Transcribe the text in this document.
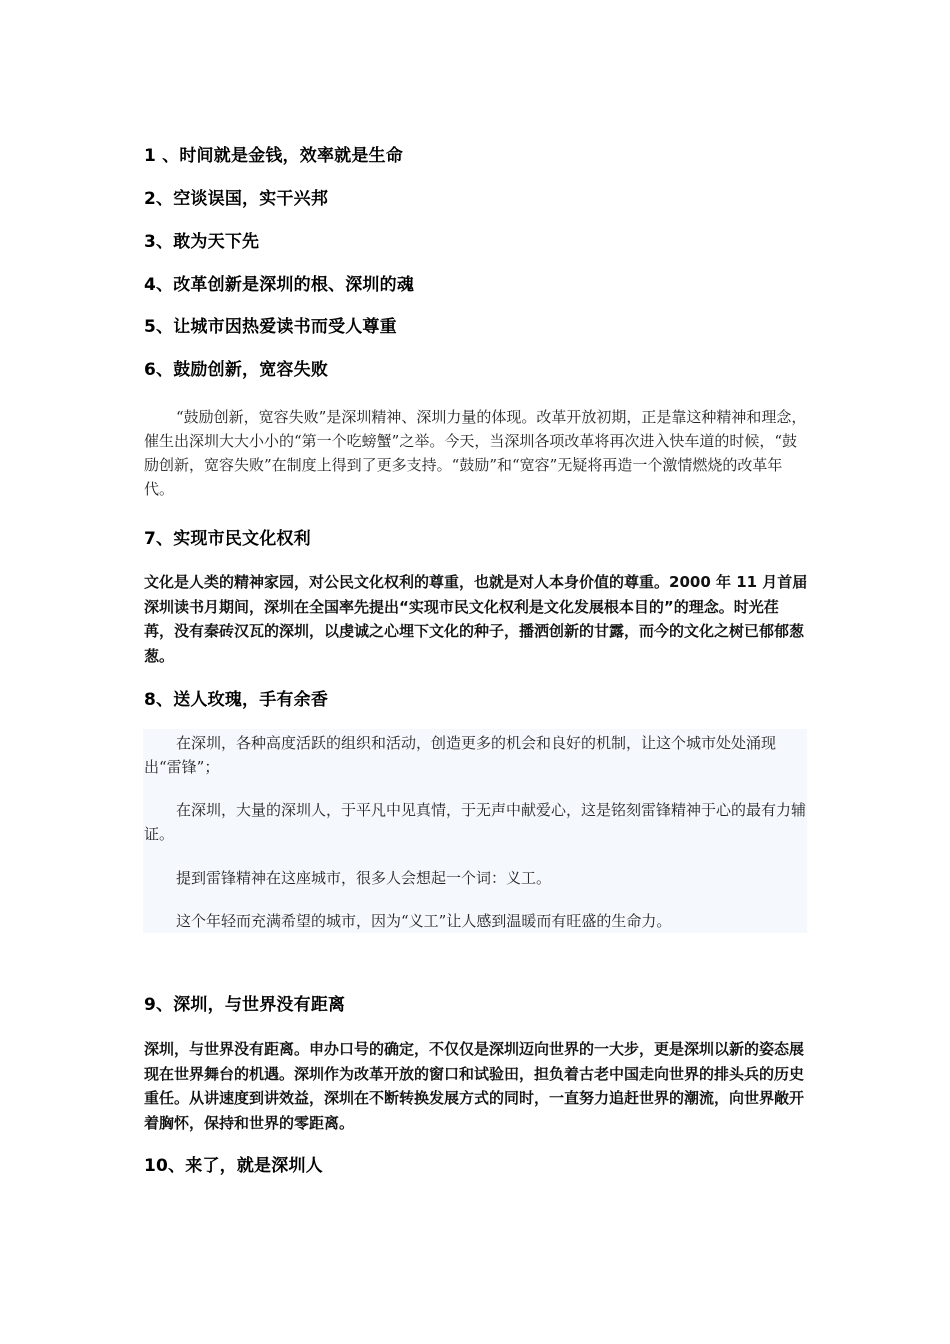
1 、时间就是金钱，效率就是生命
2、空谈误国，实干兴邦
3、敢为天下先
4、改革创新是深圳的根、深圳的魂
5、让城市因热爱读书而受人尊重
6、鼓励创新，宽容失败

“鼓励创新，宽容失败”是深圳精神、深圳力量的体现。改革开放初期，正是靠这种精神和理念，催生出深圳大大小小的“第一个吃螃蟹”之举。今天，当深圳各项改革将再次进入快车道的时候，“鼓励创新，宽容失败”在制度上得到了更多支持。“鼓励”和“宽容”无疑将再造一个激情燃烧的改革年代。

7、实现市民文化权利

文化是人类的精神家园，对公民文化权利的尊重，也就是对人本身价值的尊重。2000 年 11 月首届深圳读书月期间，深圳在全国率先提出“实现市民文化权利是文化发展根本目的”的理念。时光荏苒，没有秦砖汉瓦的深圳，以虔诚之心埋下文化的种子，播洒创新的甘露，而今的文化之树已郁郁葱葱。

8、送人玫瑰，手有余香

在深圳，各种高度活跃的组织和活动，创造更多的机会和良好的机制，让这个城市处处涌现出“雷锋”；

在深圳，大量的深圳人，于平凡中见真情，于无声中献爱心，这是铭刻雷锋精神于心的最有力辅证。

提到雷锋精神在这座城市，很多人会想起一个词：义工。

这个年轻而充满希望的城市，因为“义工”让人感到温暖而有旺盛的生命力。

9、深圳，与世界没有距离

深圳，与世界没有距离。申办口号的确定，不仅仅是深圳迈向世界的一大步，更是深圳以新的姿态展现在世界舞台的机遇。深圳作为改革开放的窗口和试验田，担负着古老中国走向世界的排头兵的历史重任。从讲速度到讲效益，深圳在不断转换发展方式的同时，一直努力追赶世界的潮流，向世界敞开着胸怀，保持和世界的零距离。

10、来了，就是深圳人
